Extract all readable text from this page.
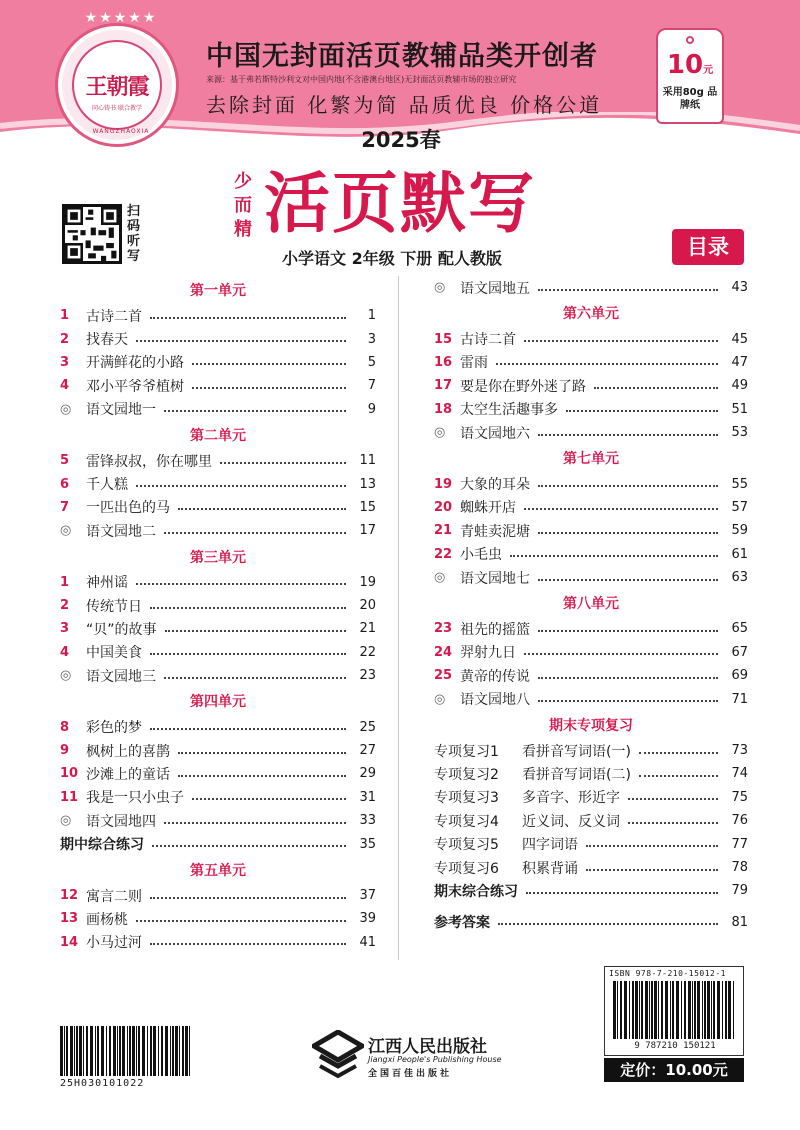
★★★★★
王朝霞
同心铸书 联合教学
WANGZHAOXIA
中国无封面活页教辅品类开创者
来源：基于弗若斯特沙利文对中国内地(不含港澳台地区)无封面活页教辅市场的独立研究
去除封面 化繁为简 品质优良 价格公道
10元
采用80g 品牌纸
2025春
扫码听写
少而精 活页默写
小学语文 2年级 下册 配人教版	目录
第一单元
1	古诗二首	1
2	找春天	3
3	开满鲜花的小路	5
4	邓小平爷爷植树	7
◎	语文园地一	9
第二单元
5	雷锋叔叔，你在哪里	11
6	千人糕	13
7	一匹出色的马	15
◎	语文园地二	17
第三单元
1	神州谣	19
2	传统节日	20
3	“贝”的故事	21
4	中国美食	22
◎	语文园地三	23
第四单元
8	彩色的梦	25
9	枫树上的喜鹊	27
10 沙滩上的童话	29
11 我是一只小虫子	31
◎	语文园地四	33
期中综合练习	35
第五单元
12 寓言二则	37
13 画杨桃	39
14 小马过河	41
◎	语文园地五	43
第六单元
15 古诗二首	45
16 雷雨	47
17 要是你在野外迷了路	49
18 太空生活趣事多	51
◎	语文园地六	53
第七单元
19 大象的耳朵	55
20 蜘蛛开店	57
21 青蛙卖泥塘	59
22 小毛虫	61
◎	语文园地七	63
第八单元
23 祖先的摇篮	65
24 羿射九日	67
25 黄帝的传说	69
◎	语文园地八	71
期末专项复习
专项复习1	看拼音写词语(一)	73
专项复习2	看拼音写词语(二)	74
专项复习3	多音字、形近字	75
专项复习4	近义词、反义词	76
专项复习5	四字词语	77
专项复习6	积累背诵	78
期末综合练习	79
参考答案	81
25H030101022
江西人民出版社
Jiangxi People's Publishing House
全国百佳出版社
ISBN 978-7-210-15012-1
9 787210 150121
定价：10.00元
